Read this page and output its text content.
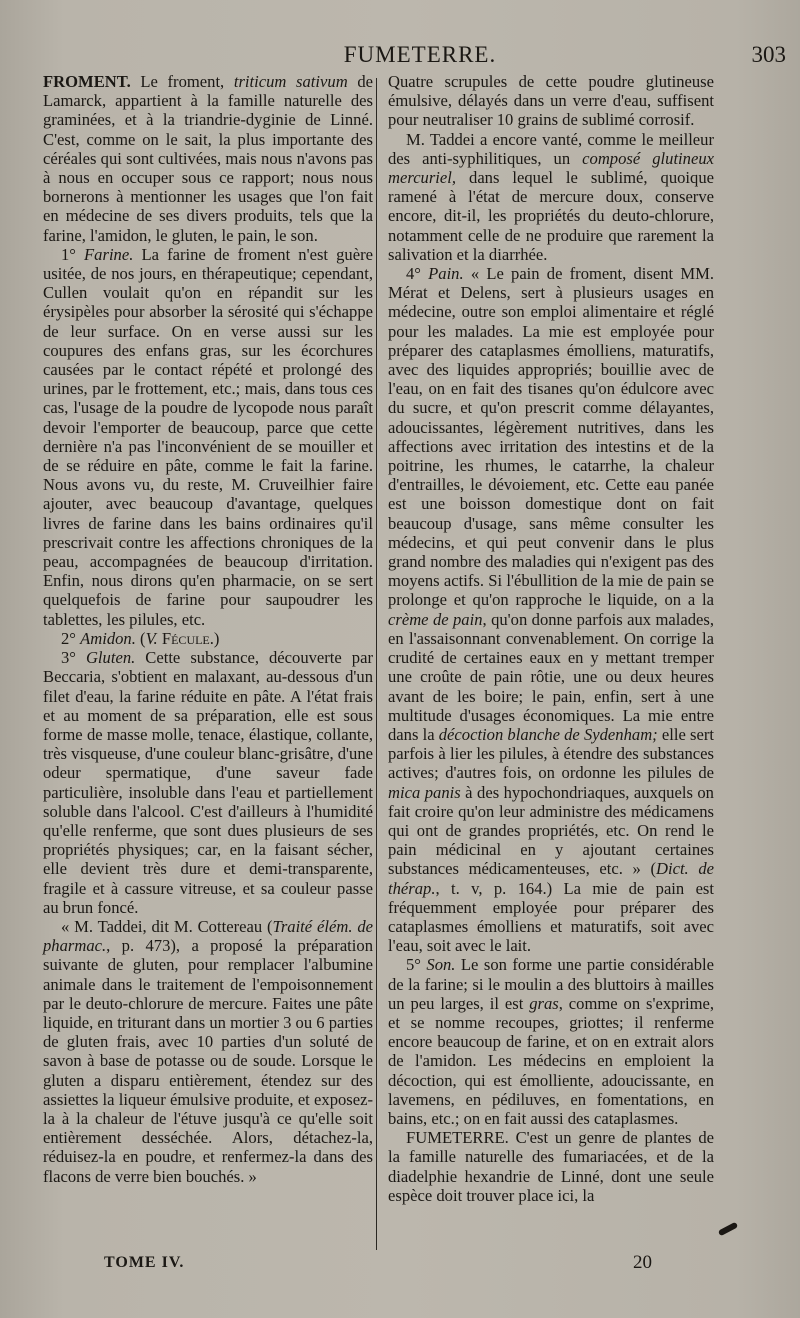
FUMETERRE.	303

FROMENT. Le froment, triticum sativum de Lamarck, appartient à la famille naturelle des graminées, et à la triandrie-dyginie de Linné. C'est, comme on le sait, la plus importante des céréales qui sont cultivées, mais nous n'avons pas à nous en occuper sous ce rapport; nous nous bornerons à mentionner les usages que l'on fait en médecine de ses divers produits, tels que la farine, l'amidon, le gluten, le pain, le son.

1° Farine. La farine de froment n'est guère usitée, de nos jours, en thérapeutique; cependant, Cullen voulait qu'on en répandit sur les érysipèles pour absorber la sérosité qui s'échappe de leur surface. On en verse aussi sur les coupures des enfans gras, sur les écorchures causées par le contact répété et prolongé des urines, par le frottement, etc.; mais, dans tous ces cas, l'usage de la poudre de lycopode nous paraît devoir l'emporter de beaucoup, parce que cette dernière n'a pas l'inconvénient de se mouiller et de se réduire en pâte, comme le fait la farine. Nous avons vu, du reste, M. Cruveilhier faire ajouter, avec beaucoup d'avantage, quelques livres de farine dans les bains ordinaires qu'il prescrivait contre les affections chroniques de la peau, accompagnées de beaucoup d'irritation. Enfin, nous dirons qu'en pharmacie, on se sert quelquefois de farine pour saupoudrer les tablettes, les pilules, etc.

2° Amidon. (V. Fécule.)

3° Gluten. Cette substance, découverte par Beccaria, s'obtient en malaxant, au-dessous d'un filet d'eau, la farine réduite en pâte. A l'état frais et au moment de sa préparation, elle est sous forme de masse molle, tenace, élastique, collante, très visqueuse, d'une couleur blanc-grisâtre, d'une odeur spermatique, d'une saveur fade particulière, insoluble dans l'eau et partiellement soluble dans l'alcool. C'est d'ailleurs à l'humidité qu'elle renferme, que sont dues plusieurs de ses propriétés physiques; car, en la faisant sécher, elle devient très dure et demi-transparente, fragile et à cassure vitreuse, et sa couleur passe au brun foncé.

« M. Taddei, dit M. Cottereau (Traité élém. de pharmac., p. 473), a proposé la préparation suivante de gluten, pour remplacer l'albumine animale dans le traitement de l'empoisonnement par le deuto-chlorure de mercure. Faites une pâte liquide, en triturant dans un mortier 3 ou 6 parties de gluten frais, avec 10 parties d'un soluté de savon à base de potasse ou de soude. Lorsque le gluten a disparu entièrement, étendez sur des assiettes la liqueur émulsive produite, et exposez-la à la chaleur de l'étuve jusqu'à ce qu'elle soit entièrement desséchée. Alors, détachez-la, réduisez-la en poudre, et renfermez-la dans des flacons de verre bien bouchés. »

Quatre scrupules de cette poudre glutineuse émulsive, délayés dans un verre d'eau, suffisent pour neutraliser 10 grains de sublimé corrosif.

M. Taddei a encore vanté, comme le meilleur des anti-syphilitiques, un composé glutineux mercuriel, dans lequel le sublimé, quoique ramené à l'état de mercure doux, conserve encore, dit-il, les propriétés du deuto-chlorure, notamment celle de ne produire que rarement la salivation et la diarrhée.

4° Pain. « Le pain de froment, disent MM. Mérat et Delens, sert à plusieurs usages en médecine, outre son emploi alimentaire et réglé pour les malades. La mie est employée pour préparer des cataplasmes émolliens, maturatifs, avec des liquides appropriés; bouillie avec de l'eau, on en fait des tisanes qu'on édulcore avec du sucre, et qu'on prescrit comme délayantes, adoucissantes, légèrement nutritives, dans les affections avec irritation des intestins et de la poitrine, les rhumes, le catarrhe, la chaleur d'entrailles, le dévoiement, etc. Cette eau panée est une boisson domestique dont on fait beaucoup d'usage, sans même consulter les médecins, et qui peut convenir dans le plus grand nombre des maladies qui n'exigent pas des moyens actifs. Si l'ébullition de la mie de pain se prolonge et qu'on rapproche le liquide, on a la crème de pain, qu'on donne parfois aux malades, en l'assaisonnant convenablement. On corrige la crudité de certaines eaux en y mettant tremper une croûte de pain rôtie, une ou deux heures avant de les boire; le pain, enfin, sert à une multitude d'usages économiques. La mie entre dans la décoction blanche de Sydenham; elle sert parfois à lier les pilules, à étendre des substances actives; d'autres fois, on ordonne les pilules de mica panis à des hypochondriaques, auxquels on fait croire qu'on leur administre des médicamens qui ont de grandes propriétés, etc. On rend le pain médicinal en y ajoutant certaines substances médicamenteuses, etc. » (Dict. de thérap., t. v, p. 164.) La mie de pain est fréquemment employée pour préparer des cataplasmes émolliens et maturatifs, soit avec l'eau, soit avec le lait.

5° Son. Le son forme une partie considérable de la farine; si le moulin a des bluttoirs à mailles un peu larges, il est gras, comme on s'exprime, et se nomme recoupes, griottes; il renferme encore beaucoup de farine, et on en extrait alors de l'amidon. Les médecins en emploient la décoction, qui est émolliente, adoucissante, en lavemens, en pédiluves, en fomentations, en bains, etc.; on en fait aussi des cataplasmes.

FUMETERRE. C'est un genre de plantes de la famille naturelle des fumariacées, et de la diadelphie hexandrie de Linné, dont une seule espèce doit trouver place ici, la

TOME IV.	20
